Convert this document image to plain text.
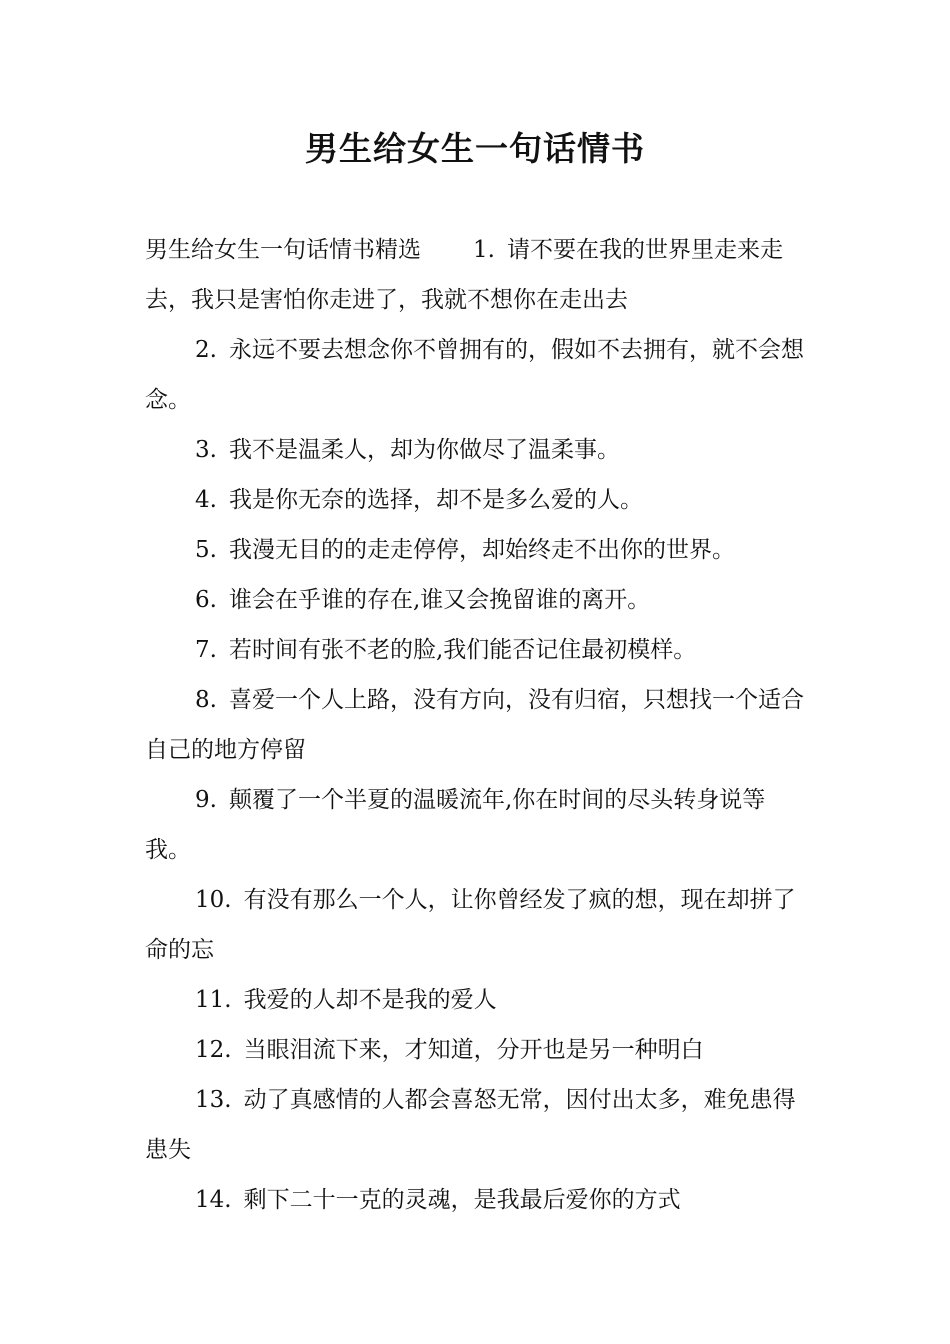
男生给女生一句话情书

男生给女生一句话情书精选 1. 请不要在我的世界里走来走去，我只是害怕你走进了，我就不想你在走出去

2. 永远不要去想念你不曾拥有的，假如不去拥有，就不会想念。

3. 我不是温柔人，却为你做尽了温柔事。

4. 我是你无奈的选择，却不是多么爱的人。

5. 我漫无目的的走走停停，却始终走不出你的世界。

6. 谁会在乎谁的存在,谁又会挽留谁的离开。

7. 若时间有张不老的脸,我们能否记住最初模样。

8. 喜爱一个人上路，没有方向，没有归宿，只想找一个适合自己的地方停留

9. 颠覆了一个半夏的温暖流年,你在时间的尽头转身说等我。

10. 有没有那么一个人，让你曾经发了疯的想，现在却拼了命的忘

11. 我爱的人却不是我的爱人

12. 当眼泪流下来，才知道，分开也是另一种明白

13. 动了真感情的人都会喜怒无常，因付出太多，难免患得患失

14. 剩下二十一克的灵魂，是我最后爱你的方式
